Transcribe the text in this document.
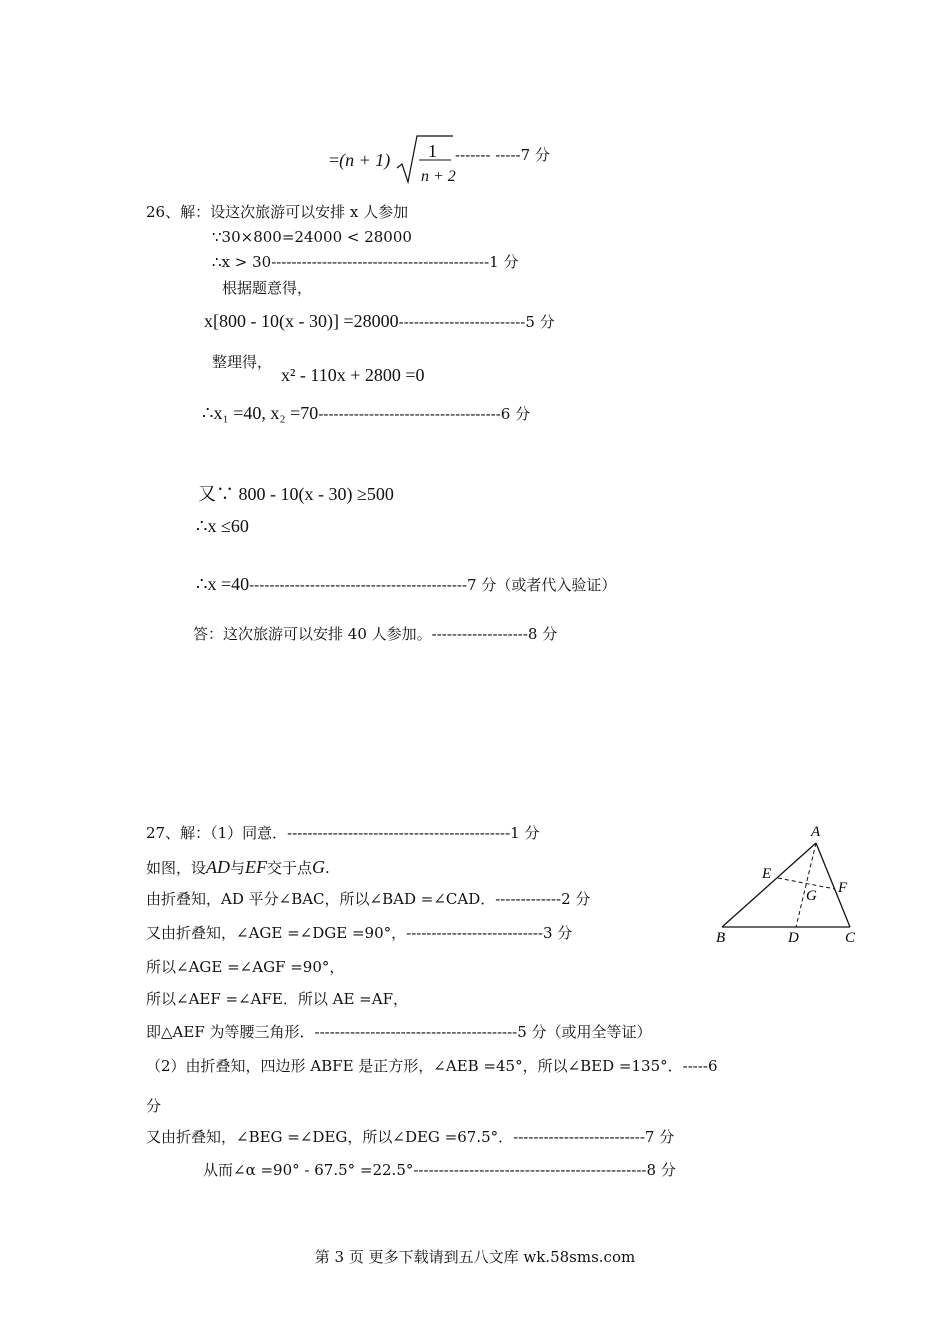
=(n + 1) 1
n + 2
------- -----7 分
26、解：设这次旅游可以安排 x 人参加
∵30×800=24000 < 28000
∴x > 30-------------------------------------------1 分
根据题意得，
x[800 - 10(x - 30)] =28000-------------------------5 分
整理得，
x² - 110x + 2800 =0
∴x₁ =40, x₂ =70------------------------------------6 分
又∵ 800 - 10(x - 30) ≥500
∴x ≤60
∴x =40-------------------------------------------7 分（或者代入验证）
答：这次旅游可以安排 40 人参加。-------------------8 分
27、解：（1）同意．--------------------------------------------1 分
如图，设AD与EF交于点G.
由折叠知，AD 平分∠BAC，所以∠BAD =∠CAD．-------------2 分
又由折叠知，∠AGE =∠DGE =90°，---------------------------3 分
所以∠AGE =∠AGF =90°，
所以∠AEF =∠AFE．所以 AE =AF，
即△AEF 为等腰三角形．----------------------------------------5 分（或用全等证）
（2）由折叠知，四边形 ABFE 是正方形，∠AEB =45°，所以∠BED =135°．-----6
分
又由折叠知，∠BEG =∠DEG，所以∠DEG =67.5°．--------------------------7 分
从而∠α =90° - 67.5° =22.5°----------------------------------------------8 分
A
B	C
D
E
F
G
第 3 页 更多下载请到五八文库 wk.58sms.com
